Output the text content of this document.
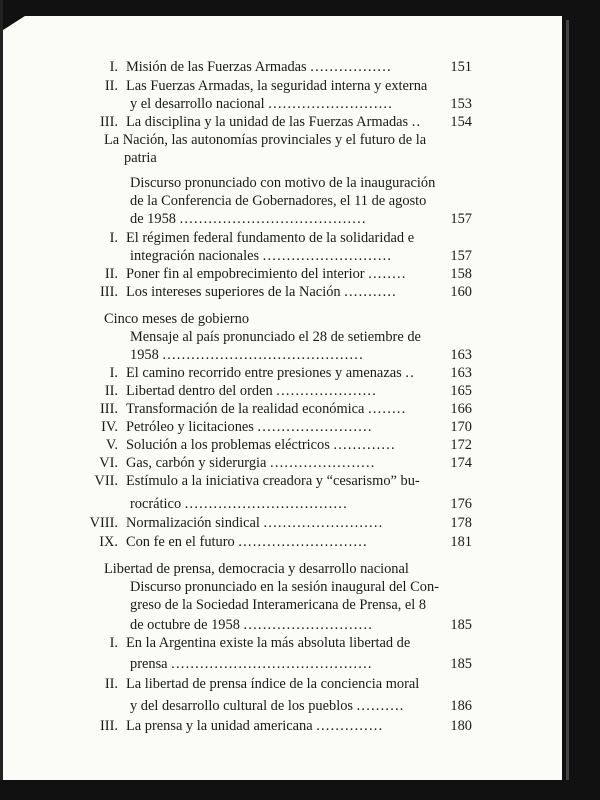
I. Misión de las Fuerzas Armadas .................	151
II. Las Fuerzas Armadas, la seguridad interna y externa
y el desarrollo nacional ..........................	153
III. La disciplina y la unidad de las Fuerzas Armadas .. 154
La Nación, las autonomías provinciales y el futuro de la
patria
Discurso pronunciado con motivo de la inauguración
de la Conferencia de Gobernadores, el 11 de agosto
de 1958 .......................................	157
I. El régimen federal fundamento de la solidaridad e
integración nacionales ...........................	157
II. Poner fin al empobrecimiento del interior ........	158
III. Los intereses superiores de la Nación ...........	160
Cinco meses de gobierno
Mensaje al país pronunciado el 28 de setiembre de
1958 ..........................................	163
I. El camino recorrido entre presiones y amenazas .. 163
II. Libertad dentro del orden .....................	165
III. Transformación de la realidad económica ........	166
IV. Petróleo y licitaciones ........................	170
V. Solución a los problemas eléctricos .............	172
VI. Gas, carbón y siderurgia ......................	174
VII. Estímulo a la iniciativa creadora y “cesarismo” bu-
rocrático ..................................	176
VIII. Normalización sindical .........................	178
IX. Con fe en el futuro ...........................	181
Libertad de prensa, democracia y desarrollo nacional
Discurso pronunciado en la sesión inaugural del Con-
greso de la Sociedad Interamericana de Prensa, el 8
de octubre de 1958 ...........................	185
I. En la Argentina existe la más absoluta libertad de
prensa ..........................................	185
II. La libertad de prensa índice de la conciencia moral
y del desarrollo cultural de los pueblos ..........	186
III. La prensa y la unidad americana ..............	180
